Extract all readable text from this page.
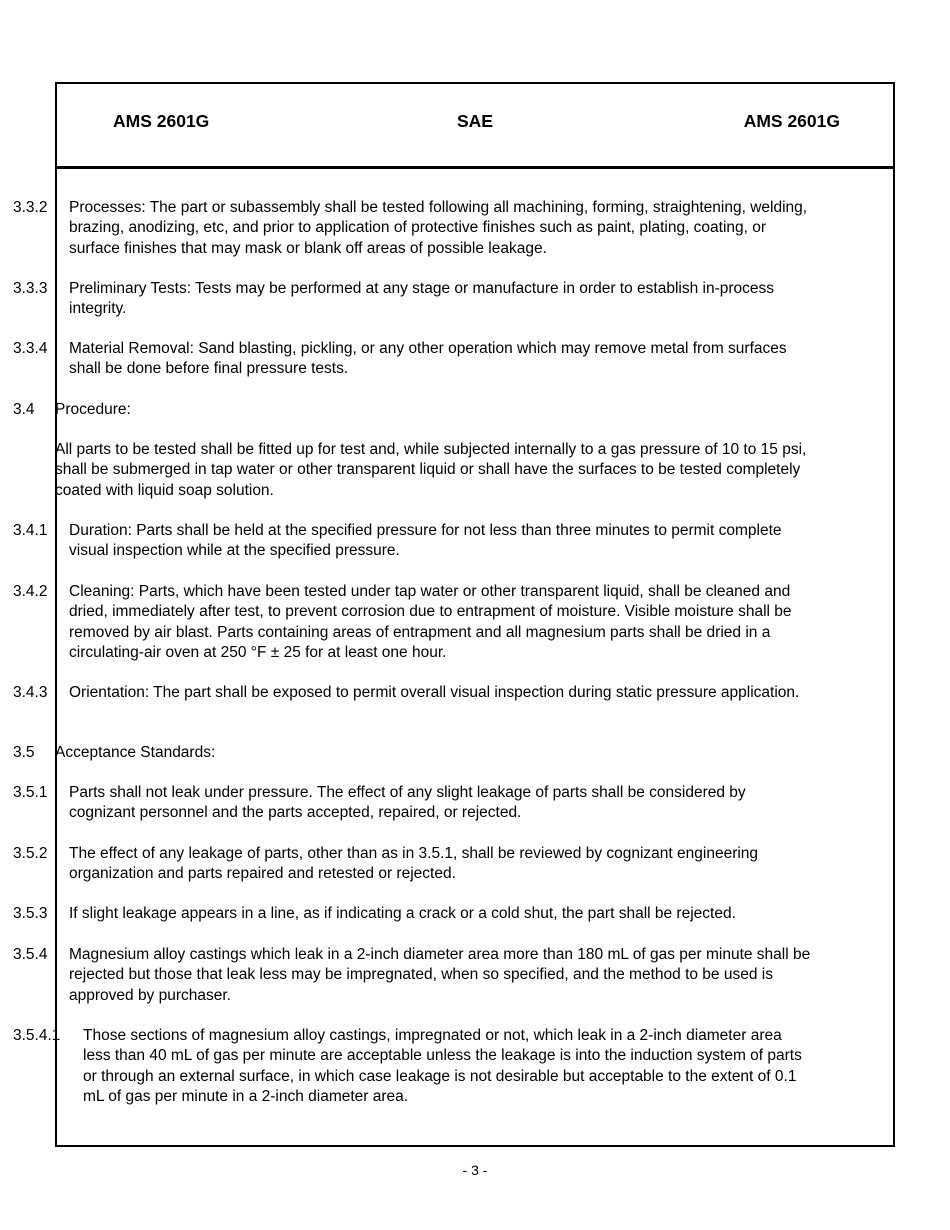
AMS 2601G	SAE	AMS 2601G
3.3.2 Processes: The part or subassembly shall be tested following all machining, forming, straightening, welding, brazing, anodizing, etc, and prior to application of protective finishes such as paint, plating, coating, or surface finishes that may mask or blank off areas of possible leakage.
3.3.3 Preliminary Tests: Tests may be performed at any stage or manufacture in order to establish in-process integrity.
3.3.4 Material Removal: Sand blasting, pickling, or any other operation which may remove metal from surfaces shall be done before final pressure tests.
3.4 Procedure:
All parts to be tested shall be fitted up for test and, while subjected internally to a gas pressure of 10 to 15 psi, shall be submerged in tap water or other transparent liquid or shall have the surfaces to be tested completely coated with liquid soap solution.
3.4.1 Duration: Parts shall be held at the specified pressure for not less than three minutes to permit complete visual inspection while at the specified pressure.
3.4.2 Cleaning: Parts, which have been tested under tap water or other transparent liquid, shall be cleaned and dried, immediately after test, to prevent corrosion due to entrapment of moisture. Visible moisture shall be removed by air blast. Parts containing areas of entrapment and all magnesium parts shall be dried in a circulating-air oven at 250 °F ± 25 for at least one hour.
3.4.3 Orientation: The part shall be exposed to permit overall visual inspection during static pressure application.
3.5 Acceptance Standards:
3.5.1 Parts shall not leak under pressure. The effect of any slight leakage of parts shall be considered by cognizant personnel and the parts accepted, repaired, or rejected.
3.5.2 The effect of any leakage of parts, other than as in 3.5.1, shall be reviewed by cognizant engineering organization and parts repaired and retested or rejected.
3.5.3 If slight leakage appears in a line, as if indicating a crack or a cold shut, the part shall be rejected.
3.5.4 Magnesium alloy castings which leak in a 2-inch diameter area more than 180 mL of gas per minute shall be rejected but those that leak less may be impregnated, when so specified, and the method to be used is approved by purchaser.
3.5.4.1 Those sections of magnesium alloy castings, impregnated or not, which leak in a 2-inch diameter area less than 40 mL of gas per minute are acceptable unless the leakage is into the induction system of parts or through an external surface, in which case leakage is not desirable but acceptable to the extent of 0.1 mL of gas per minute in a 2-inch diameter area.
- 3 -
